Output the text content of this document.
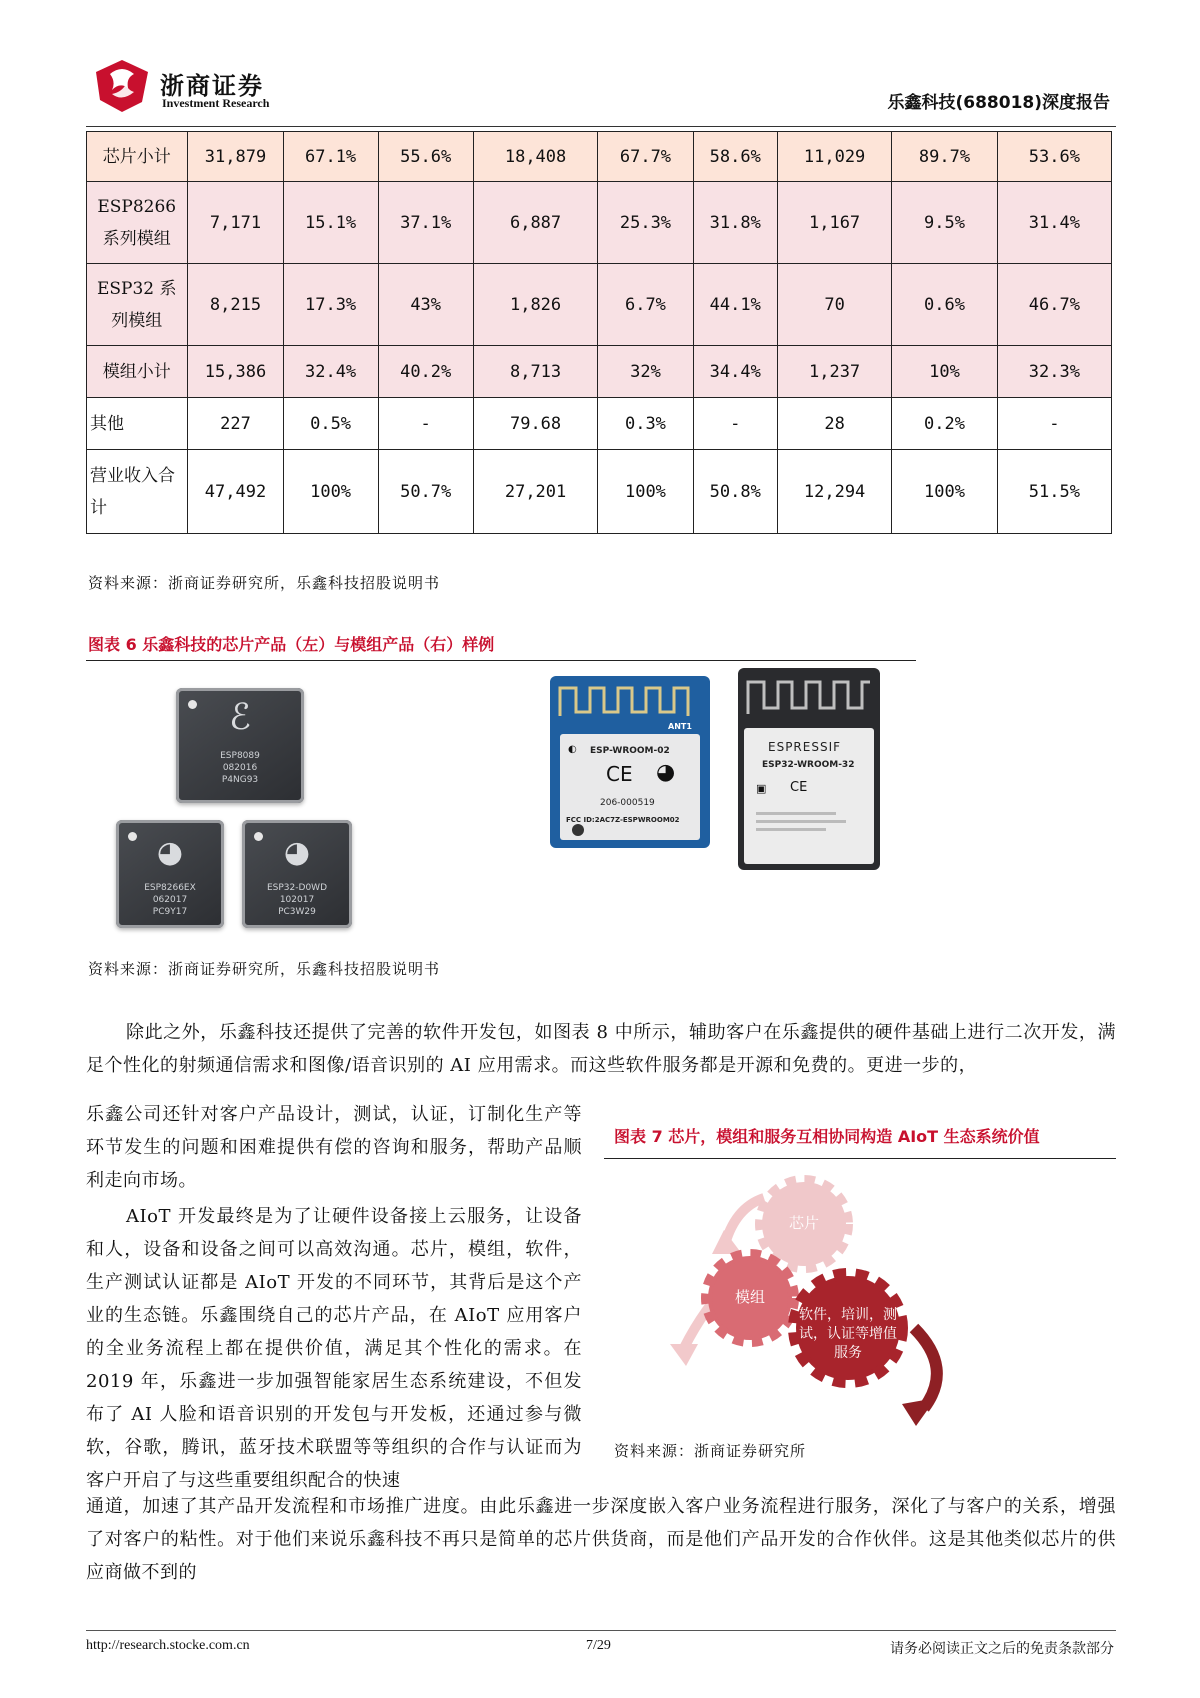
浙商证券
Investment Research	乐鑫科技(688018)深度报告
芯片小计	31,879	67.1%	55.6%	18,408	67.7%	58.6%	11,029	89.7%	53.6%
ESP8266 系列模组	7,171	15.1%	37.1%	6,887	25.3%	31.8%	1,167	9.5%	31.4%
ESP32 系列模组	8,215	17.3%	43%	1,826	6.7%	44.1%	70	0.6%	46.7%
模组小计	15,386	32.4%	40.2%	8,713	32%	34.4%	1,237	10%	32.3%
其他	227	0.5%	-	79.68	0.3%	-	28	0.2%	-
营业收入合计	47,492	100%	50.7%	27,201	100%	50.8%	12,294	100%	51.5%
资料来源：浙商证券研究所，乐鑫科技招股说明书
图表 6 乐鑫科技的芯片产品（左）与模组产品（右）样例
ℰ
ESP8089
082016
P4NG93
◕
ESP8266EX
062017
PC9Y17
◕
ESP32-D0WD
102017
PC3W29
ANT1
ESP-WROOM-02
◐
CE ◕
206-000519
FCC ID:2AC7Z-ESPWROOM02
ESPRESSIF
ESP32-WROOM-32
▣ CE
资料来源：浙商证券研究所，乐鑫科技招股说明书
除此之外，乐鑫科技还提供了完善的软件开发包，如图表 8 中所示，辅助客户在乐鑫提供的硬件基础上进行二次开发，满足个性化的射频通信需求和图像/语音识别的 AI 应用需求。而这些软件服务都是开源和免费的。更进一步的，
乐鑫公司还针对客户产品设计，测试，认证，订制化生产等环节发生的问题和困难提供有偿的咨询和服务，帮助产品顺利走向市场。
AIoT 开发最终是为了让硬件设备接上云服务，让设备和人，设备和设备之间可以高效沟通。芯片，模组，软件，生产测试认证都是 AIoT 开发的不同环节，其背后是这个产业的生态链。乐鑫围绕自己的芯片产品，在 AIoT 应用客户的全业务流程上都在提供价值，满足其个性化的需求。在 2019 年，乐鑫进一步加强智能家居生态系统建设，不但发布了 AI 人脸和语音识别的开发包与开发板，还通过参与微软，谷歌，腾讯，蓝牙技术联盟等等组织的合作与认证而为客户开启了与这些重要组织配合的快速
通道，加速了其产品开发流程和市场推广进度。由此乐鑫进一步深度嵌入客户业务流程进行服务，深化了与客户的关系，增强了对客户的粘性。对于他们来说乐鑫科技不再只是简单的芯片供货商，而是他们产品开发的合作伙伴。这是其他类似芯片的供应商做不到的
图表 7 芯片，模组和服务互相协同构造 AIoT 生态系统价值
芯片
模组
软件，培训，测试，认证等增值服务
资料来源：浙商证券研究所
http://research.stocke.com.cn	7/29	请务必阅读正文之后的免责条款部分
